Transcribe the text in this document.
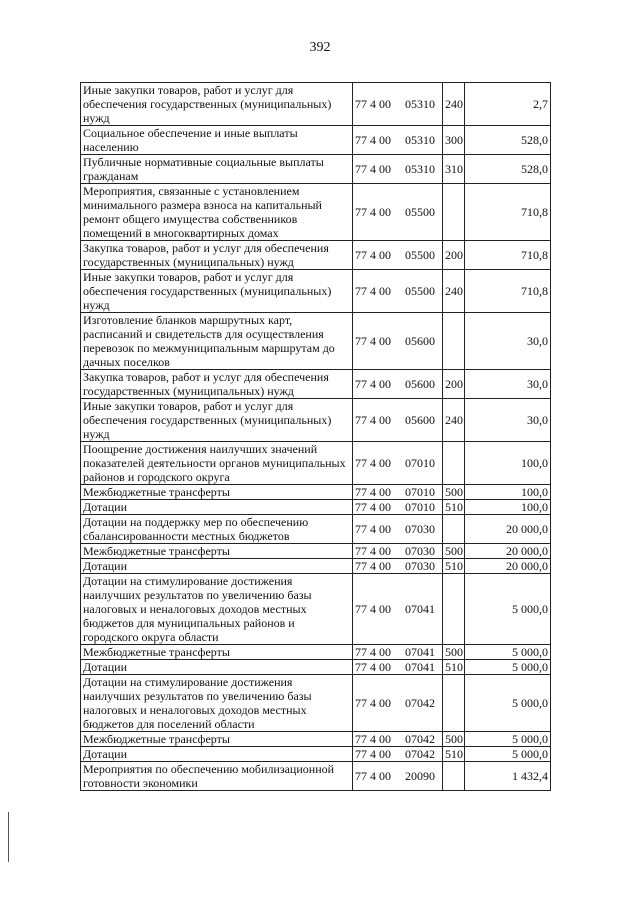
392
Иные закупки товаров, работ и услуг для обеспечения государственных (муниципальных) нужд	77 4 00 05310	240	2,7
Социальное обеспечение и иные выплаты населению	77 4 00 05310	300	528,0
Публичные нормативные социальные выплаты гражданам	77 4 00 05310	310	528,0
Мероприятия, связанные с установлением минимального размера взноса на капитальный ремонт общего имущества собственников помещений в многоквартирных домах	77 4 00 05500		710,8
Закупка товаров, работ и услуг для обеспечения государственных (муниципальных) нужд	77 4 00 05500	200	710,8
Иные закупки товаров, работ и услуг для обеспечения государственных (муниципальных) нужд	77 4 00 05500	240	710,8
Изготовление бланков маршрутных карт, расписаний и свидетельств для осуществления перевозок по межмуниципальным маршрутам до дачных поселков	77 4 00 05600		30,0
Закупка товаров, работ и услуг для обеспечения государственных (муниципальных) нужд	77 4 00 05600	200	30,0
Иные закупки товаров, работ и услуг для обеспечения государственных (муниципальных) нужд	77 4 00 05600	240	30,0
Поощрение достижения наилучших значений показателей деятельности органов муниципальных районов и городского округа	77 4 00 07010		100,0
Межбюджетные трансферты	77 4 00 07010	500	100,0
Дотации	77 4 00 07010	510	100,0
Дотации на поддержку мер по обеспечению сбалансированности местных бюджетов	77 4 00 07030		20 000,0
Межбюджетные трансферты	77 4 00 07030	500	20 000,0
Дотации	77 4 00 07030	510	20 000,0
Дотации на стимулирование достижения наилучших результатов по увеличению базы налоговых и неналоговых доходов местных бюджетов для муниципальных районов и городского округа области	77 4 00 07041		5 000,0
Межбюджетные трансферты	77 4 00 07041	500	5 000,0
Дотации	77 4 00 07041	510	5 000,0
Дотации на стимулирование достижения наилучших результатов по увеличению базы налоговых и неналоговых доходов местных бюджетов для поселений области	77 4 00 07042		5 000,0
Межбюджетные трансферты	77 4 00 07042	500	5 000,0
Дотации	77 4 00 07042	510	5 000,0
Мероприятия по обеспечению мобилизационной готовности экономики	77 4 00 20090		1 432,4
